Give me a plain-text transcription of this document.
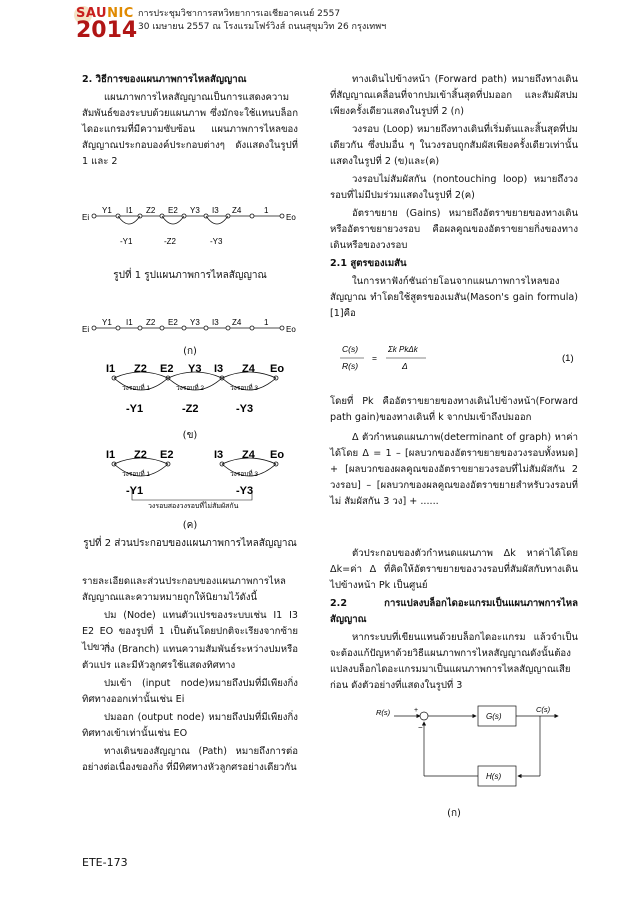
SAUNIC
2014
การประชุมวิชาการสหวิทยาการเอเชียอาคเนย์ 2557
30 เมษายน 2557 ณ โรงแรมโฟร์วิงส์ ถนนสุขุมวิท 26 กรุงเทพฯ
2. วิธีการของแผนภาพการไหลสัญญาณ
แผนภาพการไหลสัญญาณเป็นการแสดงความสัมพันธ์ของระบบด้วยแผนภาพ ซึ่งมักจะใช้แทนบล็อกไดอะแกรมที่มีความซับซ้อน แผนภาพการไหลของสัญญาณประกอบองค์ประกอบต่างๆ ดังแสดงในรูปที่ 1 และ 2
Ei	Eo
Y1 I1 Z2 E2 Y3 I3 Z4	1
-Y1	-Z2	-Y3
รูปที่ 1 รูปแผนภาพการไหลสัญญาณ
Ei	Eo
Y1 I1 Z2 E2 Y3 I3 Z4	1
(ก)
I1 Z2 E2 Y3 I3 Z4 Eo
วงรอบที่ 1	วงรอบที่ 2	วงรอบที่ 3
-Y1	-Z2	-Y3
(ข)
I1 Z2 E2	I3 Z4 Eo
วงรอบที่ 1	วงรอบที่ 3
-Y1	-Y3
วงรอบสองวงรอบที่ไม่สัมผัสกัน
(ค)
รูปที่ 2 ส่วนประกอบของแผนภาพการไหลสัญญาณ
รายละเอียดและส่วนประกอบของแผนภาพการไหลสัญญาณและความหมายถูกให้นิยามไว้ดังนี้
ปม (Node) แทนตัวแปรของระบบเช่น I1 I3 E2 EO ของรูปที่ 1 เป็นต้นโดยปกติจะเรียงจากซ้ายไปขวา
กิ่ง (Branch) แทนความสัมพันธ์ระหว่างปมหรือตัวแปร และมีหัวลูกศรใช้แสดงทิศทาง
ปมเข้า (input node)หมายถึงปมที่มีเพียงกิ่งทิศทางออกเท่านั้นเช่น Ei
ปมออก (output node) หมายถึงปมที่มีเพียงกิ่งทิศทางเข้าเท่านั้นเช่น EO
ทางเดินของสัญญาณ (Path) หมายถึงการต่ออย่างต่อเนื่องของกิ่ง ที่มีทิศทางหัวลูกศรอย่างเดียวกัน
ทางเดินไปข้างหน้า (Forward path) หมายถึงทางเดินที่สัญญาณเคลื่อนที่จากปมเข้าสิ้นสุดที่ปมออก และสัมผัสปมเพียงครั้งเดียวแสดงในรูปที่ 2 (ก)
วงรอบ (Loop) หมายถึงทางเดินที่เริ่มต้นและสิ้นสุดที่ปมเดียวกัน ซึ่งปมอื่น ๆ ในวงรอบถูกสัมผัสเพียงครั้งเดียวเท่านั้นแสดงในรูปที่ 2 (ข)และ(ค)
วงรอบไม่สัมผัสกัน (nontouching loop) หมายถึงวงรอบที่ไม่มีปมร่วมแสดงในรูปที่ 2(ค)
อัตราขยาย (Gains) หมายถึงอัตราขยายของทางเดินหรืออัตราขยายวงรอบ คือผลคูณของอัตราขยายกิ่งของทางเดินหรือของวงรอบ
2.1 สูตรของเมสัน
ในการหาฟังก์ชันถ่ายโอนจากแผนภาพการไหลของสัญญาณ ทำโดยใช้สูตรของเมสัน(Mason's gain formula) [1]คือ
C(s)
R(s)
=
Σk PkΔk
Δ
(1)
โดยที่ Pk คืออัตราขยายของทางเดินไปข้างหน้า(Forward path gain)ของทางเดินที่ k จากปมเข้าถึงปมออก
Δ ตัวกำหนดแผนภาพ(determinant of graph) หาค่าได้โดย Δ = 1 – [ผลบวกของอัตราขยายของวงรอบทั้งหมด] + [ผลบวกของผลคูณของอัตราขยายวงรอบที่ไม่สัมผัสกัน 2 วงรอบ] – [ผลบวกของผลคูณของอัตราขยายสำหรับวงรอบที่ไม่ สัมผัสกัน 3 วง] + ......
ตัวประกอบของตัวกำหนดแผนภาพ Δk หาค่าได้โดย Δk=ค่า Δ ที่คิดให้อัตราขยายของวงรอบที่สัมผัสกับทางเดินไปข้างหน้า Pk เป็นศูนย์
2.2 การแปลงบล็อกไดอะแกรมเป็นแผนภาพการไหลสัญญาณ
หากระบบที่เขียนแทนด้วยบล็อกไดอะแกรม แล้วจำเป็นจะต้องแก้ปัญหาด้วยวิธีแผนภาพการไหลสัญญาณดังนั้นต้องแปลงบล็อกไดอะแกรมมาเป็นแผนภาพการไหลสัญญาณเสียก่อน ดังตัวอย่างที่แสดงในรูปที่ 3
R(s)	+
−
G(s)
C(s)
H(s)
(ก)
ETE-173
